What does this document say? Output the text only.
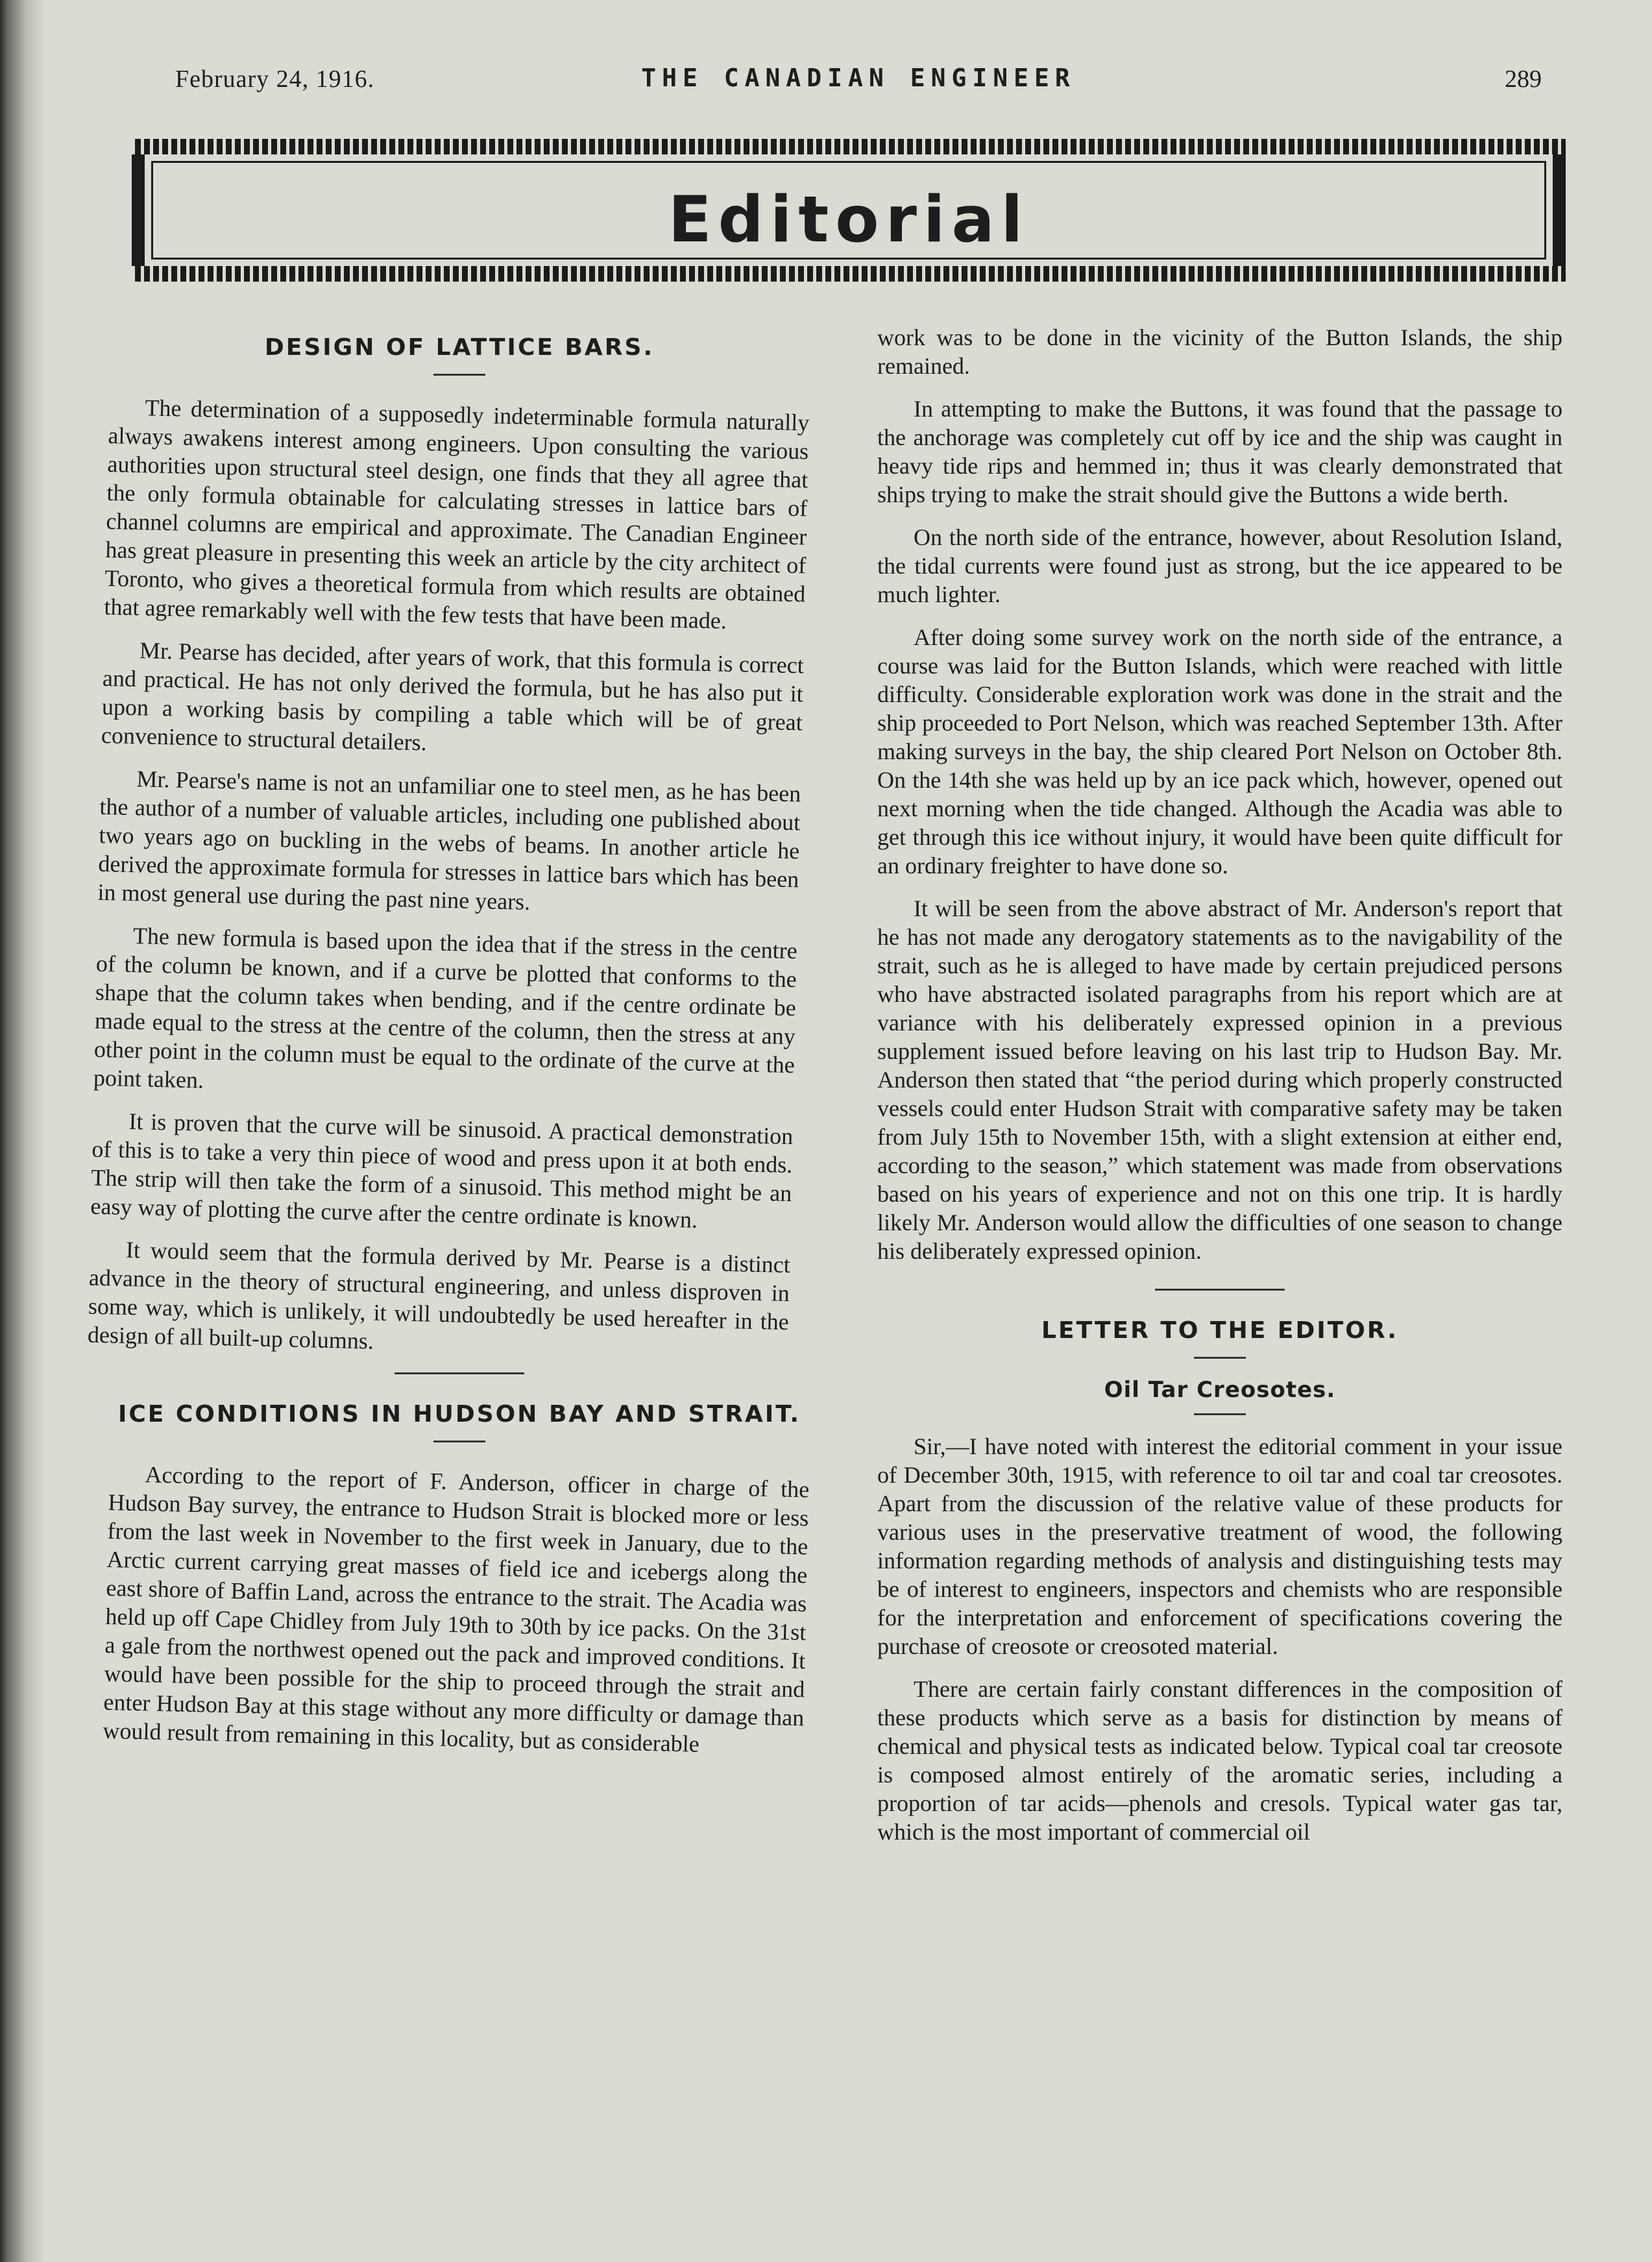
February 24, 1916.	THE CANADIAN ENGINEER	289
Editorial
DESIGN OF LATTICE BARS.

The determination of a supposedly indeterminable formula naturally always awakens interest among engineers. Upon consulting the various authorities upon structural steel design, one finds that they all agree that the only formula obtainable for calculating stresses in lattice bars of channel columns are empirical and approximate. The Canadian Engineer has great pleasure in presenting this week an article by the city architect of Toronto, who gives a theoretical formula from which results are obtained that agree remarkably well with the few tests that have been made.

Mr. Pearse has decided, after years of work, that this formula is correct and practical. He has not only derived the formula, but he has also put it upon a working basis by compiling a table which will be of great convenience to structural detailers.

Mr. Pearse's name is not an unfamiliar one to steel men, as he has been the author of a number of valuable articles, including one published about two years ago on buckling in the webs of beams. In another article he derived the approximate formula for stresses in lattice bars which has been in most general use during the past nine years.

The new formula is based upon the idea that if the stress in the centre of the column be known, and if a curve be plotted that conforms to the shape that the column takes when bending, and if the centre ordinate be made equal to the stress at the centre of the column, then the stress at any other point in the column must be equal to the ordinate of the curve at the point taken.

It is proven that the curve will be sinusoid. A practical demonstration of this is to take a very thin piece of wood and press upon it at both ends. The strip will then take the form of a sinusoid. This method might be an easy way of plotting the curve after the centre ordinate is known.

It would seem that the formula derived by Mr. Pearse is a distinct advance in the theory of structural engineering, and unless disproven in some way, which is unlikely, it will undoubtedly be used hereafter in the design of all built-up columns.

ICE CONDITIONS IN HUDSON BAY AND STRAIT.

According to the report of F. Anderson, officer in charge of the Hudson Bay survey, the entrance to Hudson Strait is blocked more or less from the last week in November to the first week in January, due to the Arctic current carrying great masses of field ice and icebergs along the east shore of Baffin Land, across the entrance to the strait. The Acadia was held up off Cape Chidley from July 19th to 30th by ice packs. On the 31st a gale from the northwest opened out the pack and improved conditions. It would have been possible for the ship to proceed through the strait and enter Hudson Bay at this stage without any more difficulty or damage than would result from remaining in this locality, but as considerable

work was to be done in the vicinity of the Button Islands, the ship remained.

In attempting to make the Buttons, it was found that the passage to the anchorage was completely cut off by ice and the ship was caught in heavy tide rips and hemmed in; thus it was clearly demonstrated that ships trying to make the strait should give the Buttons a wide berth.

On the north side of the entrance, however, about Resolution Island, the tidal currents were found just as strong, but the ice appeared to be much lighter.

After doing some survey work on the north side of the entrance, a course was laid for the Button Islands, which were reached with little difficulty. Considerable exploration work was done in the strait and the ship proceeded to Port Nelson, which was reached September 13th. After making surveys in the bay, the ship cleared Port Nelson on October 8th. On the 14th she was held up by an ice pack which, however, opened out next morning when the tide changed. Although the Acadia was able to get through this ice without injury, it would have been quite difficult for an ordinary freighter to have done so.

It will be seen from the above abstract of Mr. Anderson's report that he has not made any derogatory statements as to the navigability of the strait, such as he is alleged to have made by certain prejudiced persons who have abstracted isolated paragraphs from his report which are at variance with his deliberately expressed opinion in a previous supplement issued before leaving on his last trip to Hudson Bay. Mr. Anderson then stated that “the period during which properly constructed vessels could enter Hudson Strait with comparative safety may be taken from July 15th to November 15th, with a slight extension at either end, according to the season,” which statement was made from observations based on his years of experience and not on this one trip. It is hardly likely Mr. Anderson would allow the difficulties of one season to change his deliberately expressed opinion.

LETTER TO THE EDITOR.
Oil Tar Creosotes.

Sir,—I have noted with interest the editorial comment in your issue of December 30th, 1915, with reference to oil tar and coal tar creosotes. Apart from the discussion of the relative value of these products for various uses in the preservative treatment of wood, the following information regarding methods of analysis and distinguishing tests may be of interest to engineers, inspectors and chemists who are responsible for the interpretation and enforcement of specifications covering the purchase of creosote or creosoted material.

There are certain fairly constant differences in the composition of these products which serve as a basis for distinction by means of chemical and physical tests as indicated below. Typical coal tar creosote is composed almost entirely of the aromatic series, including a proportion of tar acids—phenols and cresols. Typical water gas tar, which is the most important of commercial oil
